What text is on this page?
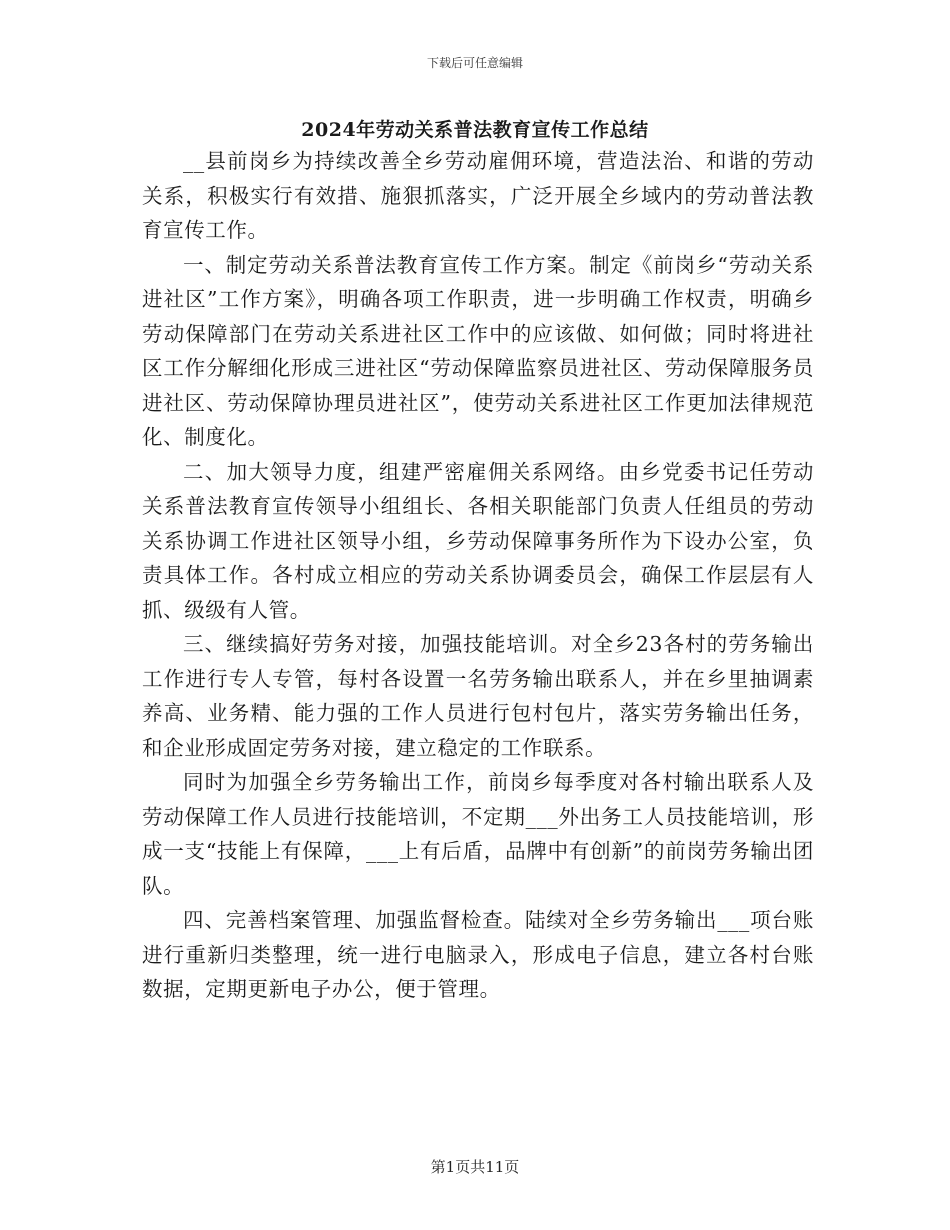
下载后可任意编辑
2024年劳动关系普法教育宣传工作总结

__县前岗乡为持续改善全乡劳动雇佣环境，营造法治、和谐的劳动关系，积极实行有效措、施狠抓落实，广泛开展全乡域内的劳动普法教育宣传工作。

一、制定劳动关系普法教育宣传工作方案。制定《前岗乡“劳动关系进社区”工作方案》，明确各项工作职责，进一步明确工作权责，明确乡劳动保障部门在劳动关系进社区工作中的应该做、如何做；同时将进社区工作分解细化形成三进社区“劳动保障监察员进社区、劳动保障服务员进社区、劳动保障协理员进社区”，使劳动关系进社区工作更加法律规范化、制度化。

二、加大领导力度，组建严密雇佣关系网络。由乡党委书记任劳动关系普法教育宣传领导小组组长、各相关职能部门负责人任组员的劳动关系协调工作进社区领导小组，乡劳动保障事务所作为下设办公室，负责具体工作。各村成立相应的劳动关系协调委员会，确保工作层层有人抓、级级有人管。

三、继续搞好劳务对接，加强技能培训。对全乡23各村的劳务输出工作进行专人专管，每村各设置一名劳务输出联系人，并在乡里抽调素养高、业务精、能力强的工作人员进行包村包片，落实劳务输出任务，和企业形成固定劳务对接，建立稳定的工作联系。

同时为加强全乡劳务输出工作，前岗乡每季度对各村输出联系人及劳动保障工作人员进行技能培训，不定期___外出务工人员技能培训，形成一支“技能上有保障，___上有后盾，品牌中有创新”的前岗劳务输出团队。

四、完善档案管理、加强监督检查。陆续对全乡劳务输出___项台账进行重新归类整理，统一进行电脑录入，形成电子信息，建立各村台账数据，定期更新电子办公，便于管理。

第1页共11页
